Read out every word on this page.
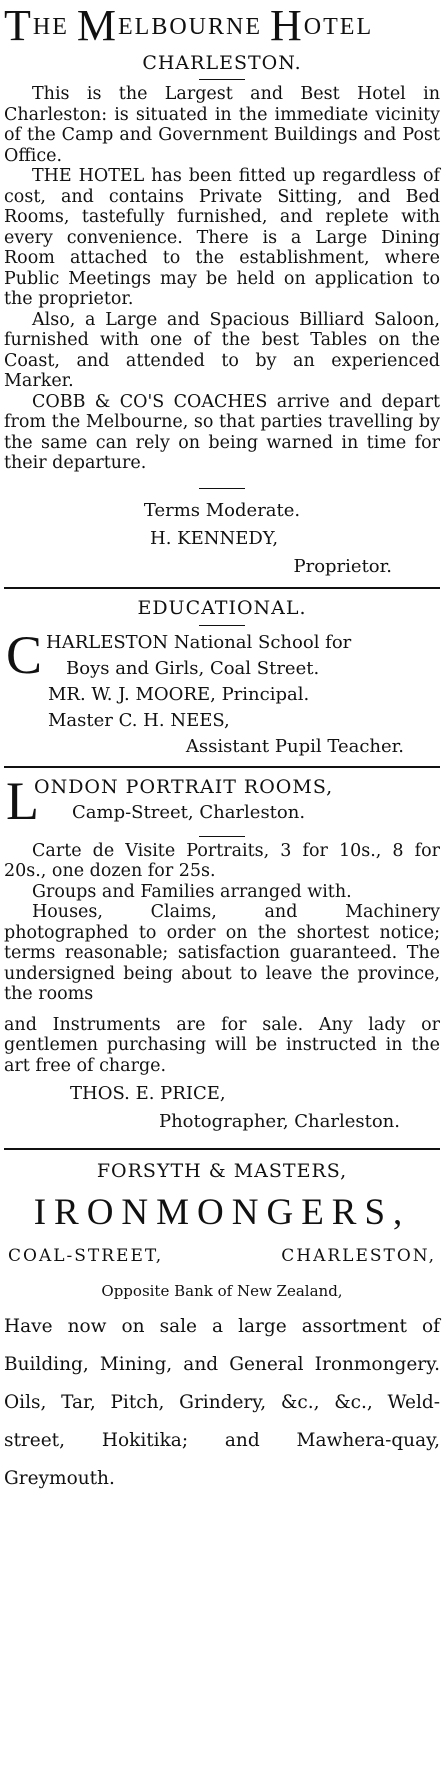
THE MELBOURNE HOTEL
CHARLESTON.

This is the Largest and Best Hotel in Charleston: is situated in the immediate vicinity of the Camp and Government Buildings and Post Office.

THE HOTEL has been fitted up regardless of cost, and contains Private Sitting, and Bed Rooms, tastefully furnished, and replete with every convenience. There is a Large Dining Room attached to the establishment, where Public Meetings may be held on application to the proprietor.

Also, a Large and Spacious Billiard Saloon, furnished with one of the best Tables on the Coast, and attended to by an experienced Marker.

COBB & CO'S COACHES arrive and depart from the Melbourne, so that parties travelling by the same can rely on being warned in time for their departure.

Terms Moderate.

H. KENNEDY,

Proprietor.

EDUCATIONAL.
C HARLESTON National School for

Boys and Girls, Coal Street.

MR. W. J. MOORE, Principal.

Master C. H. NEES,

Assistant Pupil Teacher.

L
ONDON PORTRAIT ROOMS,

Camp-Street, Charleston.

Carte de Visite Portraits, 3 for 10s., 8 for 20s., one dozen for 25s.

Groups and Families arranged with.

Houses, Claims, and Machinery photographed to order on the shortest notice; terms reasonable; satisfaction guaranteed. The undersigned being about to leave the province, the rooms

and Instruments are for sale. Any lady or gentlemen purchasing will be instructed in the art free of charge.

THOS. E. PRICE,

Photographer, Charleston.

FORSYTH & MASTERS,
IRONMONGERS,
COAL-STREET,	CHARLESTON,
Opposite Bank of New Zealand,

Have now on sale a large assortment of Building, Mining, and General Ironmongery. Oils, Tar, Pitch, Grindery, &c., &c., Weld-street, Hokitika; and Mawhera-quay, Greymouth.
